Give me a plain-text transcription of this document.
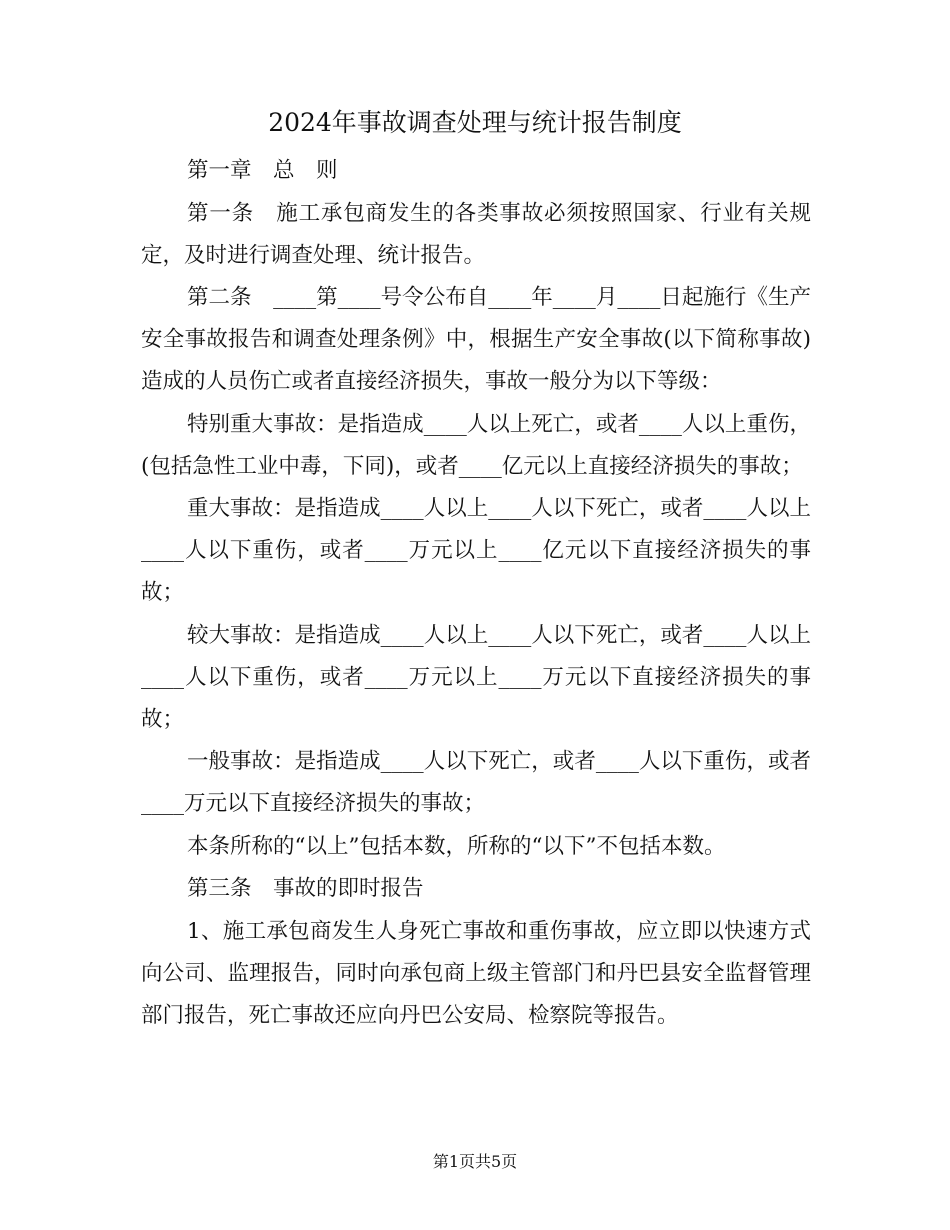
2024年事故调查处理与统计报告制度

第一章　总　则

第一条　施工承包商发生的各类事故必须按照国家、行业有关规定，及时进行调查处理、统计报告。

第二条　____第____号令公布自____年____月____日起施行《生产安全事故报告和调查处理条例》中，根据生产安全事故(以下简称事故)造成的人员伤亡或者直接经济损失，事故一般分为以下等级：

特别重大事故：是指造成____人以上死亡，或者____人以上重伤，(包括急性工业中毒，下同)，或者____亿元以上直接经济损失的事故；

重大事故：是指造成____人以上____人以下死亡，或者____人以上____人以下重伤，或者____万元以上____亿元以下直接经济损失的事故；

较大事故：是指造成____人以上____人以下死亡，或者____人以上____人以下重伤，或者____万元以上____万元以下直接经济损失的事故；

一般事故：是指造成____人以下死亡，或者____人以下重伤，或者____万元以下直接经济损失的事故；

本条所称的“以上”包括本数，所称的“以下”不包括本数。

第三条　事故的即时报告

1、施工承包商发生人身死亡事故和重伤事故，应立即以快速方式向公司、监理报告，同时向承包商上级主管部门和丹巴县安全监督管理部门报告，死亡事故还应向丹巴公安局、检察院等报告。

第1页共5页
